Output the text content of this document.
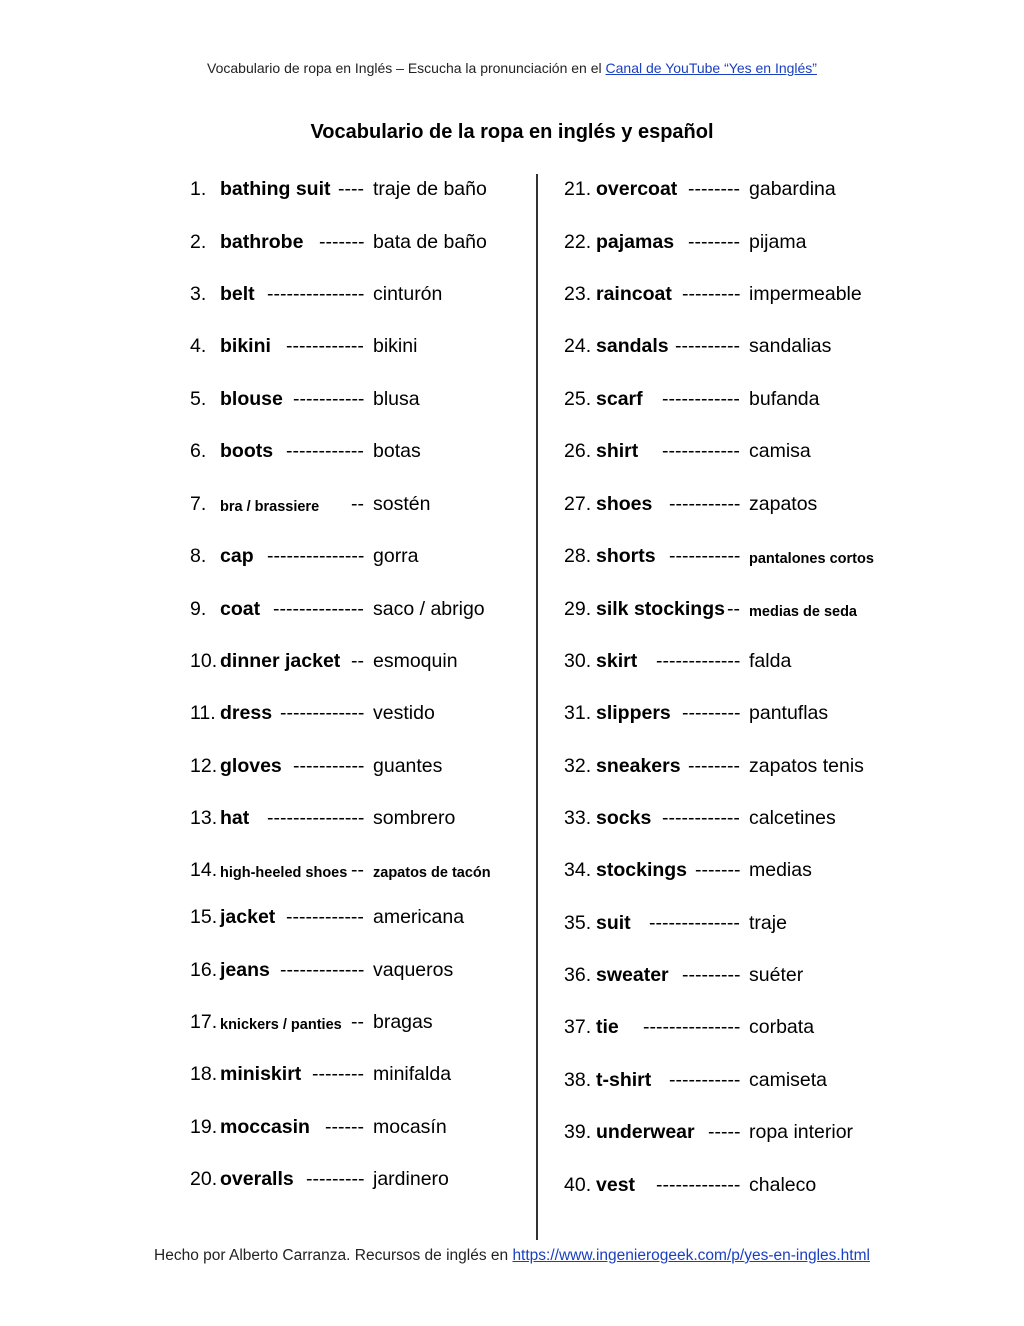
Vocabulario de ropa en Inglés – Escucha la pronunciación en el Canal de YouTube “Yes en Inglés”
Vocabulario de la ropa en inglés y español
1. bathing suit ---- traje de baño
2. bathrobe ------- bata de baño
3. belt --------------- cinturón
4. bikini ------------ bikini
5. blouse ----------- blusa
6. boots ------------ botas
7. bra / brassiere -- sostén
8. cap --------------- gorra
9. coat -------------- saco / abrigo
10. dinner jacket -- esmoquin
11. dress ------------- vestido
12. gloves ----------- guantes
13. hat --------------- sombrero
14. high-heeled shoes -- zapatos de tacón
15. jacket ------------ americana
16. jeans ------------- vaqueros
17. knickers / panties -- bragas
18. miniskirt -------- minifalda
19. moccasin ------ mocasín
20. overalls --------- jardinero
21. overcoat -------- gabardina
22. pajamas -------- pijama
23. raincoat --------- impermeable
24. sandals ---------- sandalias
25. scarf ------------ bufanda
26. shirt ------------ camisa
27. shoes ----------- zapatos
28. shorts ----------- pantalones cortos
29. silk stockings -- medias de seda
30. skirt ------------- falda
31. slippers --------- pantuflas
32. sneakers -------- zapatos tenis
33. socks ------------ calcetines
34. stockings ------- medias
35. suit -------------- traje
36. sweater --------- suéter
37. tie --------------- corbata
38. t-shirt ----------- camiseta
39. underwear ----- ropa interior
40. vest ------------- chaleco
Hecho por Alberto Carranza. Recursos de inglés en https://www.ingenierogeek.com/p/yes-en-ingles.html
